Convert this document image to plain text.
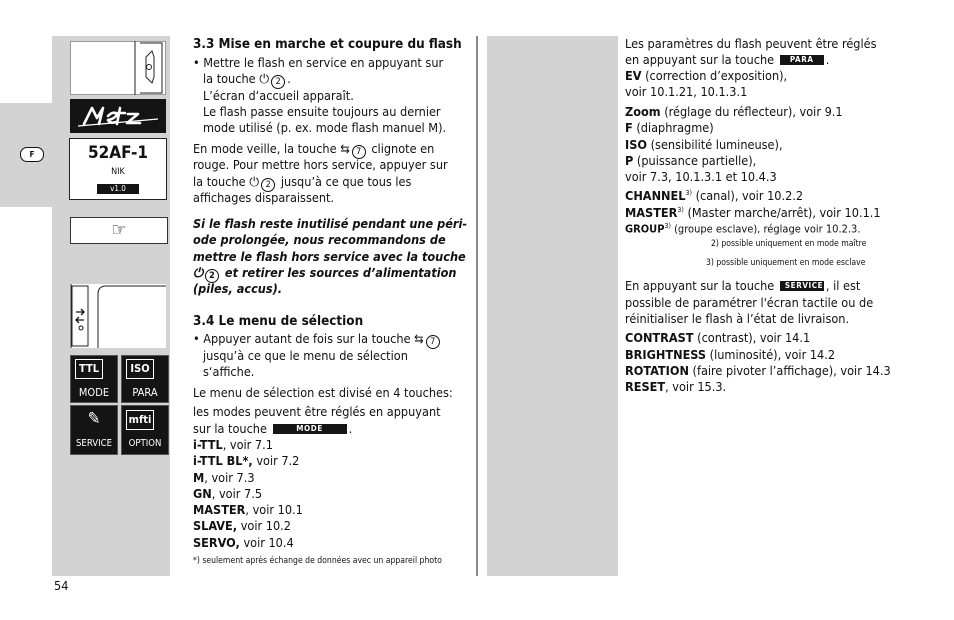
F	52AF-1
NIK
v1.0
☞
TTL
MODE
ISO
PARA
✎
SERVICE
mfti
OPTION
3.3 Mise en marche et coupure du flash
• Mettre le flash en service en appuyant sur
la touche ⏻ 2 .
L’écran d‘accueil apparaît.
Le flash passe ensuite toujours au dernier
mode utilisé (p. ex. mode flash manuel M).
En mode veille, la touche ⇆ 7 clignote en
rouge. Pour mettre hors service, appuyer sur
la touche ⏻ 2 jusqu’à ce que tous les
affichages disparaissent.
Si le flash reste inutilisé pendant une péri-
ode prolongée, nous recommandons de
mettre le flash hors service avec la touche
⏻ 2 et retirer les sources d’alimentation
(piles, accus).
3.4 Le menu de sélection
• Appuyer autant de fois sur la touche ⇆ 7
jusqu’à ce que le menu de sélection
s‘affiche.
Le menu de sélection est divisé en 4 touches:
les modes peuvent être réglés en appuyant
sur la touche	MODE .
i-TTL, voir 7.1
i-TTL BL*, voir 7.2
M, voir 7.3
GN, voir 7.5
MASTER, voir 10.1
SLAVE, voir 10.2
SERVO, voir 10.4
*) seulement après échange de données avec un appareil photo
Les paramètres du flash peuvent être réglés
en appuyant sur la touche PARA .
EV (correction d’exposition),
voir 10.1.21, 10.1.3.1
Zoom (réglage du réflecteur), voir 9.1
F (diaphragme)
ISO (sensibilité lumineuse),
P (puissance partielle),
voir 7.3, 10.1.3.1 et 10.4.3
CHANNEL$^{3)}$ (canal), voir 10.2.2
MASTER$^{3)}$ (Master marche/arrêt), voir 10.1.1
GROUP$^{3)}$ (groupe esclave), réglage voir 10.2.3.
2) possible uniquement en mode maître
3) possible uniquement en mode esclave
En appuyant sur la touche SERVICE , il est
possible de paramétrer l'écran tactile ou de
réinitialiser le flash à l’état de livraison.
CONTRAST (contrast), voir 14.1
BRIGHTNESS (luminosité), voir 14.2
ROTATION (faire pivoter l’affichage), voir 14.3
RESET, voir 15.3.
54
